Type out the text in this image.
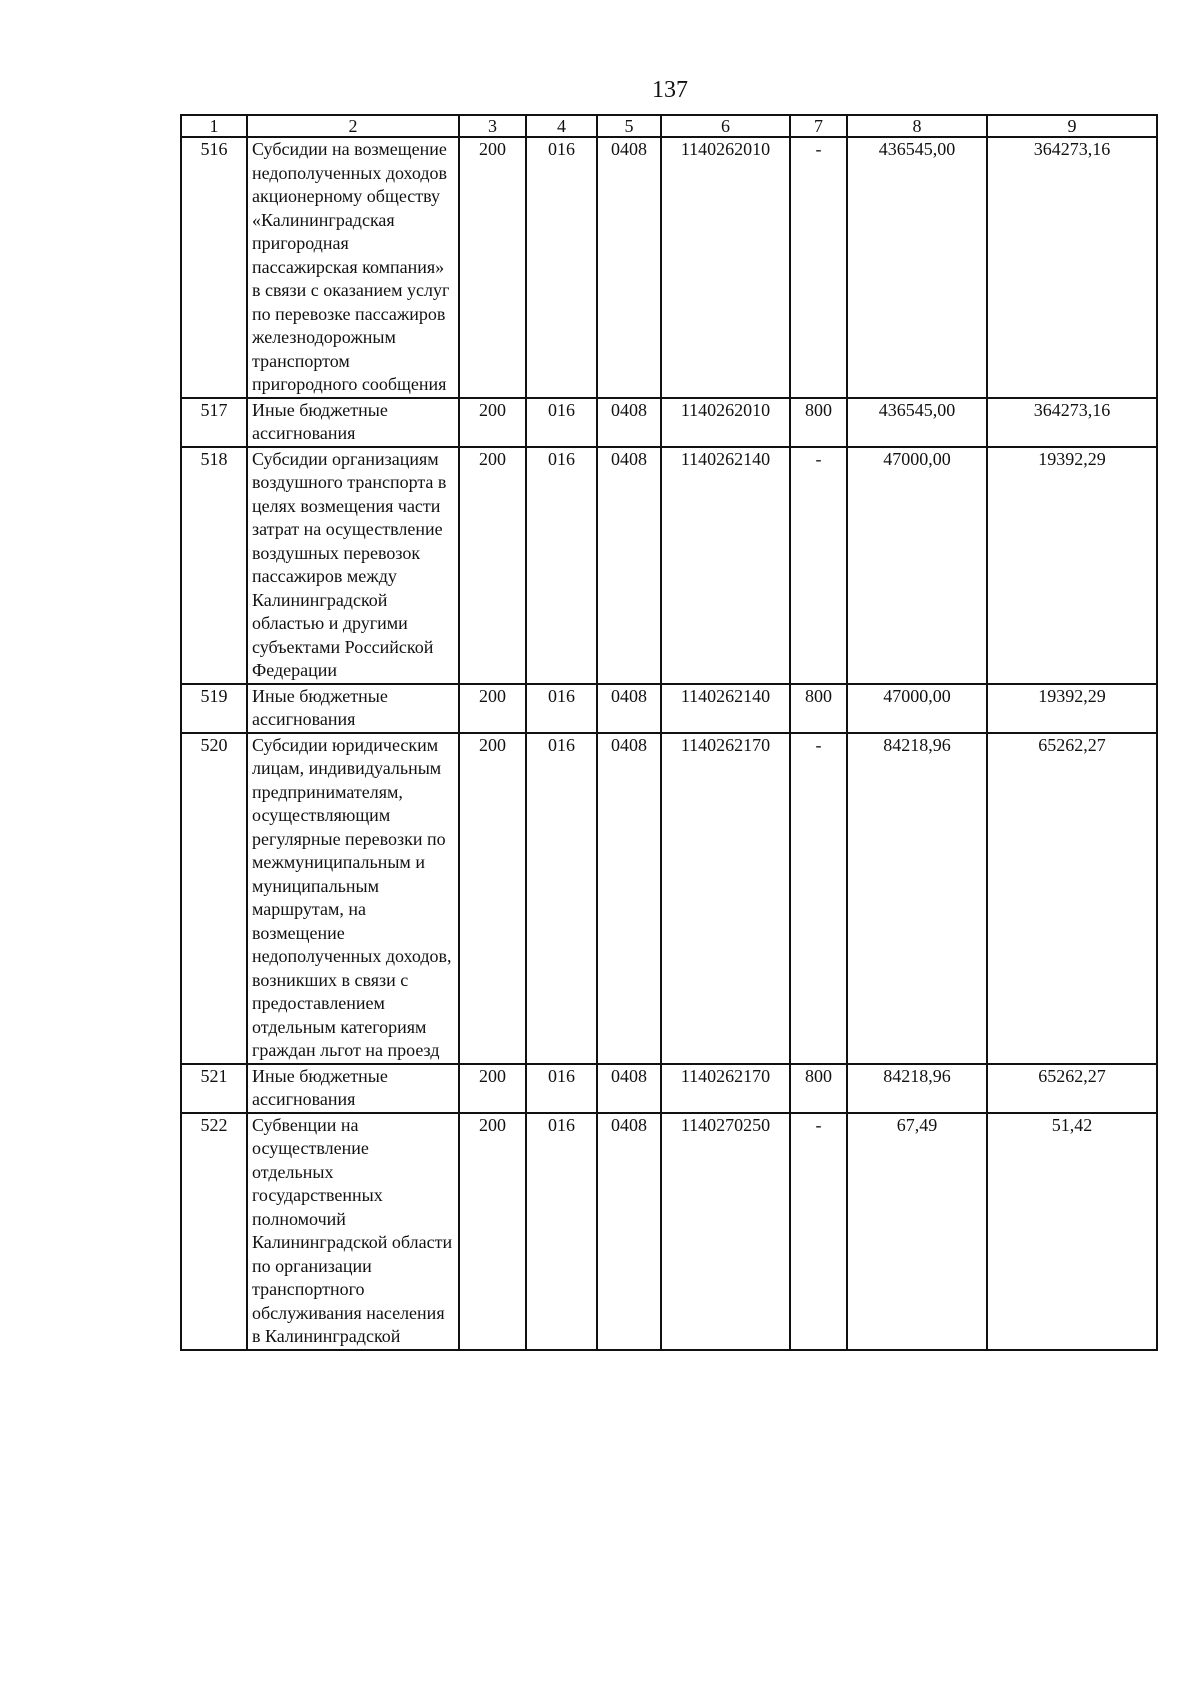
137
1	2	3	4	5	6	7	8	9
516	Субсидии на возмещение недополученных доходов акционерному обществу «Калининградская пригородная пассажирская компания» в связи с оказанием услуг по перевозке пассажиров железнодорожным транспортом пригородного сообщения	200	016	0408	1140262010	-	436545,00	364273,16
517	Иные бюджетные ассигнования	200	016	0408	1140262010	800	436545,00	364273,16
518	Субсидии организациям воздушного транспорта в целях возмещения части затрат на осуществление воздушных перевозок пассажиров между Калининградской областью и другими субъектами Российской Федерации	200	016	0408	1140262140	-	47000,00	19392,29
519	Иные бюджетные ассигнования	200	016	0408	1140262140	800	47000,00	19392,29
520	Субсидии юридическим лицам, индивидуальным предпринимателям, осуществляющим регулярные перевозки по межмуниципальным и муниципальным маршрутам, на возмещение недополученных доходов, возникших в связи с предоставлением отдельным категориям граждан льгот на проезд	200	016	0408	1140262170	-	84218,96	65262,27
521	Иные бюджетные ассигнования	200	016	0408	1140262170	800	84218,96	65262,27
522	Субвенции на осуществление отдельных государственных полномочий Калининградской области по организации транспортного обслуживания населения в Калининградской	200	016	0408	1140270250	-	67,49	51,42
